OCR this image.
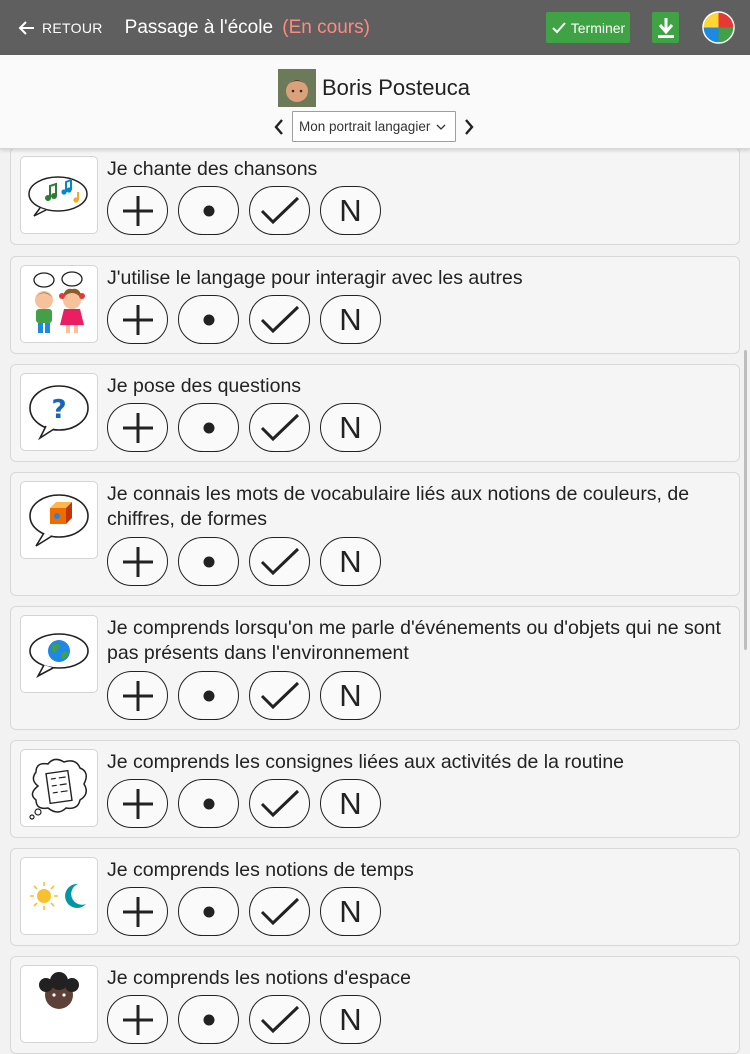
RETOUR Passage à l'école (En cours)	Terminer
Boris Posteuca
Mon portrait langagier
Je chante des chansons
N
J'utilise le langage pour interagir avec les autres
N
?
Je pose des questions
N
Je connais les mots de vocabulaire liés aux notions de couleurs, de chiffres, de formes
N
Je comprends lorsqu'on me parle d'événements ou d'objets qui ne sont pas présents dans l'environnement
N
Je comprends les consignes liées aux activités de la routine
N
Je comprends les notions de temps
N
Je comprends les notions d'espace
N
